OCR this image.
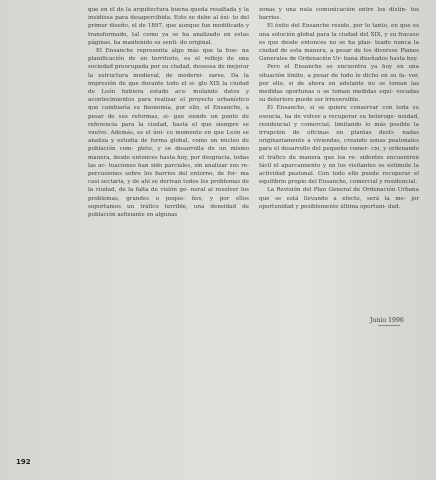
que en el de la arquitectura buena queda resaltada y la insidiosa para desapercibida. Esto se debe al éxi- to del primer diseño, el de 1897, que aunque fue modificado y transformado, tal como ya se ha analizado en estas páginas, ha mantenido su senti- do original.

El Ensanche representa algo más que la bue- na planificación de un territorio, es el reflejo de una sociedad preocupada por su ciudad, deseosa de mejorar la estructura medieval, de moderni- zarse. Da la impresión de que durante todo el si- glo XIX la ciudad de León hubiera estado acu- mulando datos y acontecimientos para realizar el proyecto urbanístico que cambiaría su fisonomía, por ello, el Ensanche, a pesar de sus reformas, si- gue siendo un punto de referencia para la ciudad, hasta el que siempre se vuelve. Además, es el úni- co momento en que León se analiza y estudia de forma global, como un núcleo de población com- pleto, y se desarrolla de un mismo manera, desde entonces hasta hoy, por desgracia, todas las ac- tuaciones han sido parciales, sin analizar sus re- percusiones sobre los barrios del entorno, de for- ma casi sectaria, y de ahí se derivan todos los problemas de la ciudad, de la falta de visión ge- neral al resolver los problemas, grandes o peque- ños, y por ellos soportamos un tráfico terrible, una densidad de población asfixiante en algunas

zonas y una nula comunicación entre los distin- tos barrios.

El éxito del Ensanche reside, por lo tanto, en que es una solución global para la ciudad del XIX, y su fracaso es que desde entonces no se ha plan- teado nunca la ciudad de esta manera, a pesar de los diversos Planes Generales de Ordenación Ur- bana diseñados hasta hoy.

Pero el Ensanche se encuentra ya hoy en una situación límite, a pesar de todo lo dicho en su fa- vor, por ello, si de ahora en adelante no se toman las medidas oportunas o se toman medidas equi- vocadas su deterioro puede ser irreversible.

El Ensanche, si se quiere conservar con toda su esencia, ha de volver a recuperar su heteroge- neidad, residencial y comercial, limitando lo más posible la irrupción de oficinas en plantas desti- nadas originariamente a viviendas, creando zonas peatonales para el desarrollo del pequeño comer- cio, y ordenando el tráfico de manera que los re- sidentes encuentren fácil el aparcamiento y en los visitantes se estimule la actividad peatonal. Con todo ello puede recuperar el equilibrio propio del Ensanche, comercial y residencial.

La Revisión del Plan General de Ordenación Urbana que se está llevando a efecto, será la me- jor oportunidad y posiblemente última oportuni- dad.

Junio 1996
192
